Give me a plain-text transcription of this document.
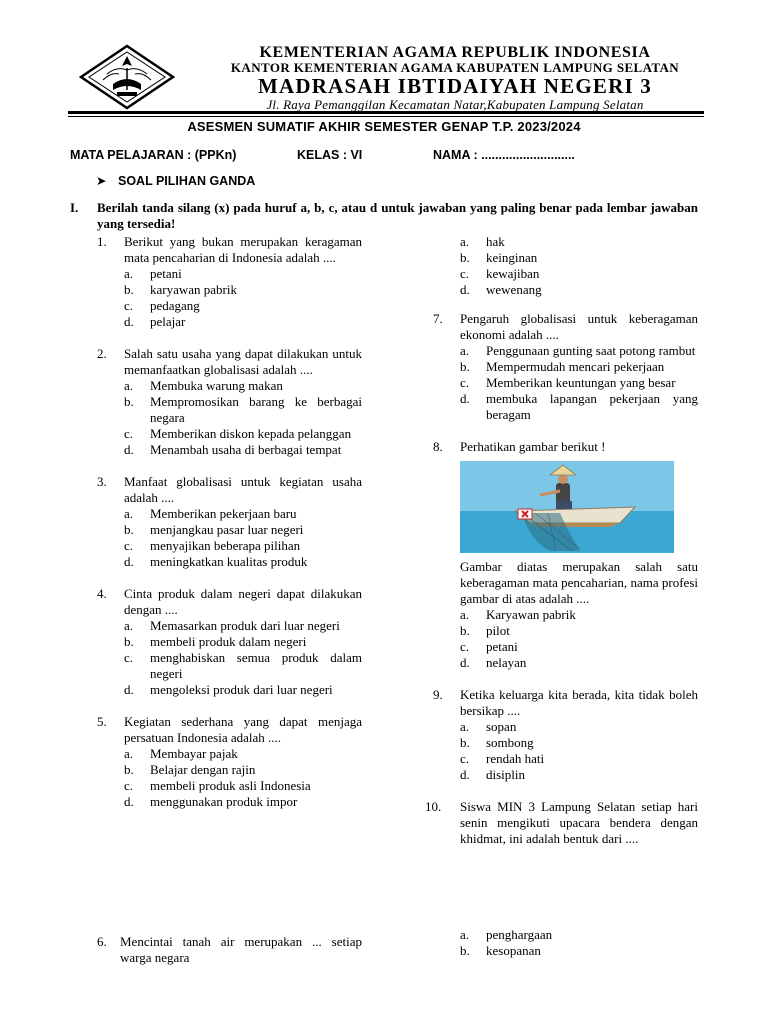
KEMENTERIAN AGAMA REPUBLIK INDONESIA
KANTOR KEMENTERIAN AGAMA KABUPATEN LAMPUNG SELATAN
MADRASAH IBTIDAIYAH NEGERI 3
Jl. Raya Pemanggilan Kecamatan Natar,Kabupaten Lampung Selatan
ASESMEN SUMATIF AKHIR SEMESTER GENAP T.P. 2023/2024
MATA PELAJARAN : (PPKn)	KELAS : VI	NAMA : ...........................
➤ SOAL PILIHAN GANDA
I. Berilah tanda silang (x) pada huruf a, b, c, atau d untuk jawaban yang paling benar pada lembar jawaban yang tersedia!
1. Berikut yang bukan merupakan keragaman mata pencaharian di Indonesia adalah ....
a. petani
b. karyawan pabrik
c. pedagang
d. pelajar
2. Salah satu usaha yang dapat dilakukan untuk memanfaatkan globalisasi adalah ....
a. Membuka warung makan
b. Mempromosikan barang ke berbagai negara
c. Memberikan diskon kepada pelanggan
d. Menambah usaha di berbagai tempat
3. Manfaat globalisasi untuk kegiatan usaha adalah ....
a. Memberikan pekerjaan baru
b. menjangkau pasar luar negeri
c. menyajikan beberapa pilihan
d. meningkatkan kualitas produk
4. Cinta produk dalam negeri dapat dilakukan dengan ....
a. Memasarkan produk dari luar negeri
b. membeli produk dalam negeri
c. menghabiskan semua produk dalam negeri
d. mengoleksi produk dari luar negeri
5. Kegiatan sederhana yang dapat menjaga persatuan Indonesia adalah ....
a. Membayar pajak
b. Belajar dengan rajin
c. membeli produk asli Indonesia
d. menggunakan produk impor
6. Mencintai tanah air merupakan ... setiap warga negara
a. hak
b. keinginan
c. kewajiban
d. wewenang
7. Pengaruh globalisasi untuk keberagaman ekonomi adalah ....
a. Penggunaan gunting saat potong rambut
b. Mempermudah mencari pekerjaan
c. Memberikan keuntungan yang besar
d. membuka lapangan pekerjaan yang beragam
8. Perhatikan gambar berikut !
Gambar diatas merupakan salah satu keberagaman mata pencaharian, nama profesi gambar di atas adalah ....
a. Karyawan pabrik
b. pilot
c. petani
d. nelayan
9. Ketika keluarga kita berada, kita tidak boleh bersikap ....
a. sopan
b. sombong
c. rendah hati
d. disiplin
10. Siswa MIN 3 Lampung Selatan setiap hari senin mengikuti upacara bendera dengan khidmat, ini adalah bentuk dari ....
a. penghargaan
b. kesopanan
